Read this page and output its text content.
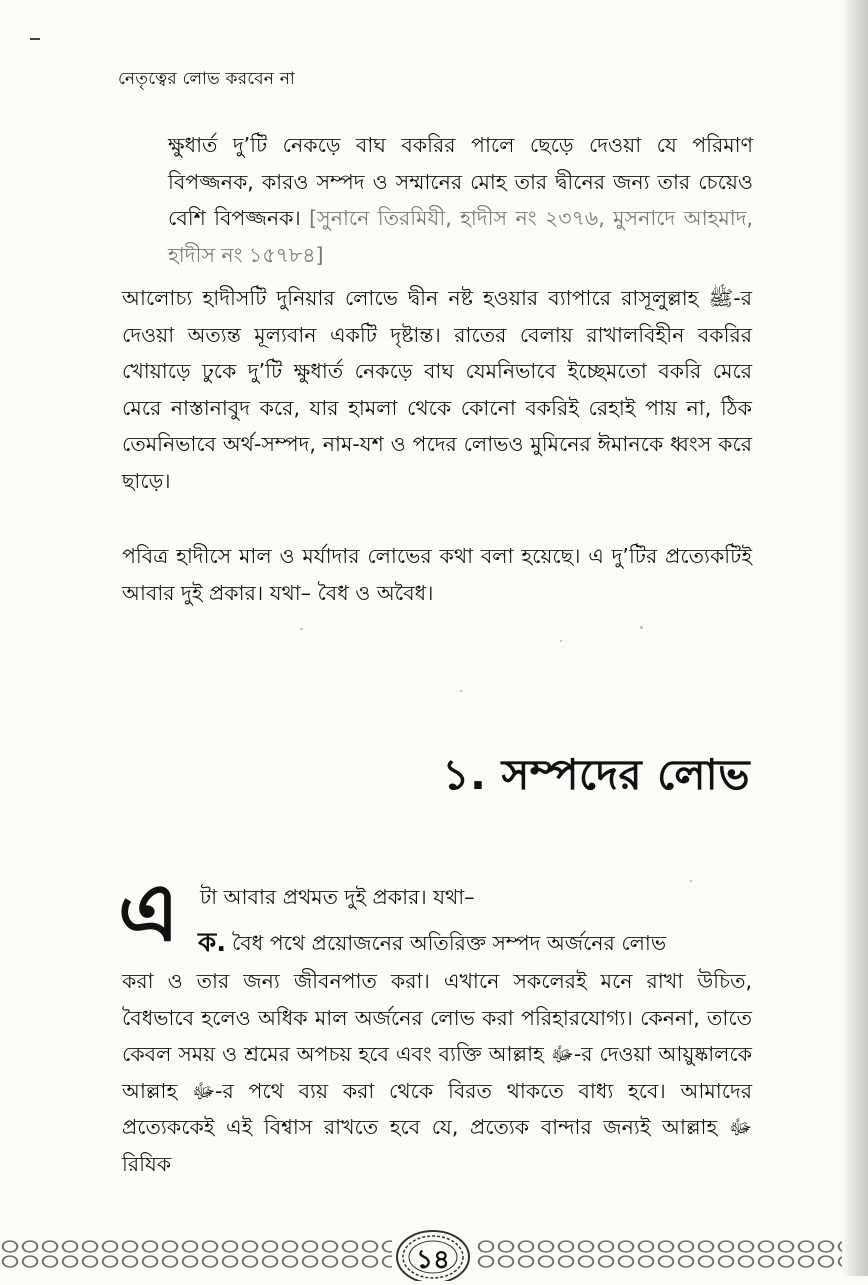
নেতৃত্বের লোভ করবেন না
ক্ষুধার্ত দু’টি নেকড়ে বাঘ বকরির পালে ছেড়ে দেওয়া যে পরিমাণ বিপজ্জনক, কারও সম্পদ ও সম্মানের মোহ তার দ্বীনের জন্য তার চেয়েও বেশি বিপজ্জনক। [সুনানে তিরমিযী, হাদীস নং ২৩৭৬, মুসনাদে আহমাদ, হাদীস নং ১৫৭৮৪]
আলোচ্য হাদীসটি দুনিয়ার লোভে দ্বীন নষ্ট হওয়ার ব্যাপারে রাসূলুল্লাহ ﷺ-র দেওয়া অত্যন্ত মূল্যবান একটি দৃষ্টান্ত। রাতের বেলায় রাখালবিহীন বকরির খোয়াড়ে ঢুকে দু’টি ক্ষুধার্ত নেকড়ে বাঘ যেমনিভাবে ইচ্ছেমতো বকরি মেরে মেরে নাস্তানাবুদ করে, যার হামলা থেকে কোনো বকরিই রেহাই পায় না, ঠিক তেমনিভাবে অর্থ-সম্পদ, নাম-যশ ও পদের লোভও মুমিনের ঈমানকে ধ্বংস করে ছাড়ে।
পবিত্র হাদীসে মাল ও মর্যাদার লোভের কথা বলা হয়েছে। এ দু’টির প্রত্যেকটিই আবার দুই প্রকার। যথা– বৈধ ও অবৈধ।
১. সম্পদের লোভ
এ টা আবার প্রথমত দুই প্রকার। যথা–
ক. বৈধ পথে প্রয়োজনের অতিরিক্ত সম্পদ অর্জনের লোভ
করা ও তার জন্য জীবনপাত করা। এখানে সকলেরই মনে রাখা উচিত, বৈধভাবে হলেও অধিক মাল অর্জনের লোভ করা পরিহারযোগ্য। কেননা, তাতে কেবল সময় ও শ্রমের অপচয় হবে এবং ব্যক্তি আল্লাহ ﷻ-র দেওয়া আয়ুষ্কালকে আল্লাহ ﷻ-র পথে ব্যয় করা থেকে বিরত থাকতে বাধ্য হবে। আমাদের প্রত্যেককেই এই বিশ্বাস রাখতে হবে যে, প্রত্যেক বান্দার জন্যই আল্লাহ ﷻ রিযিক
১৪
